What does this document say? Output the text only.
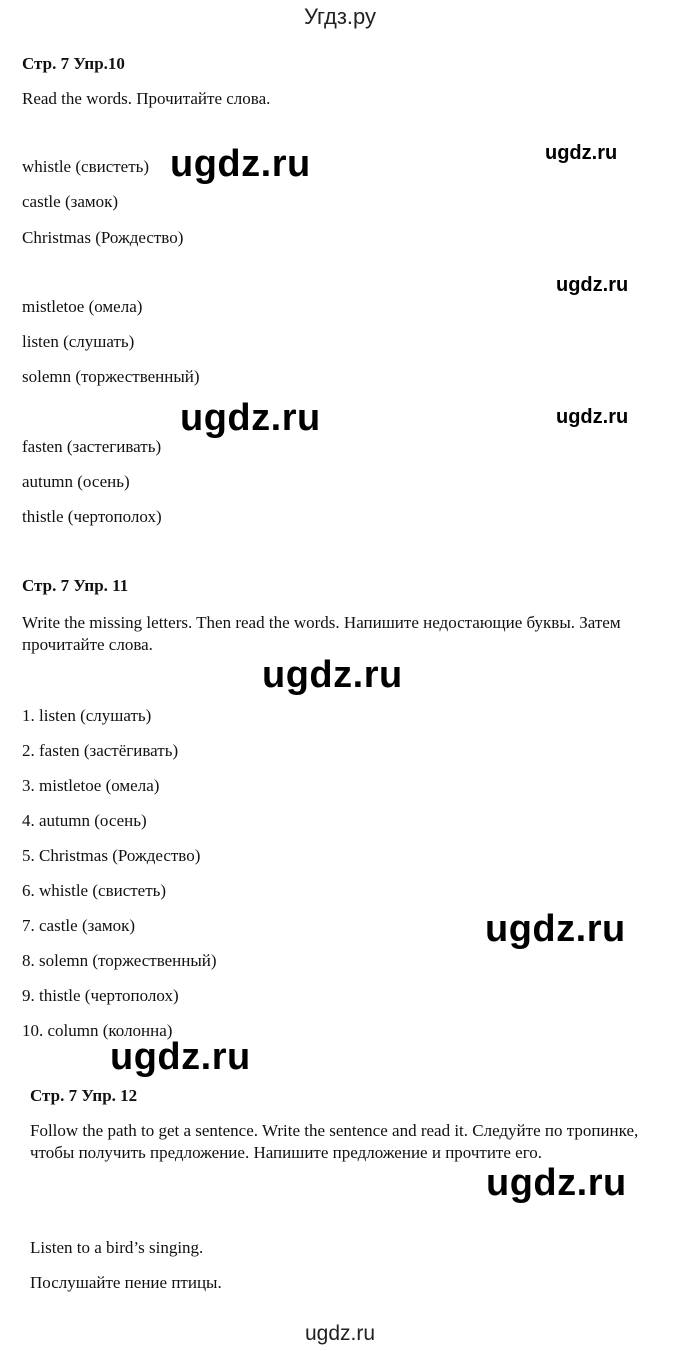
Угдз.ру
Стр. 7 Упр.10
Read the words. Прочитайте слова.
whistle (свистеть)
castle (замок)
Christmas (Рождество)
mistletoe (омела)
listen (слушать)
solemn (торжественный)
fasten (застегивать)
autumn (осень)
thistle (чертополох)
Стр. 7 Упр. 11
Write the missing letters. Then read the words. Напишите недостающие буквы. Затем прочитайте слова.
1. listen (слушать)
2. fasten (застёгивать)
3. mistletoe (омела)
4. autumn (осень)
5. Christmas (Рождество)
6. whistle (свистеть)
7. castle (замок)
8. solemn (торжественный)
9. thistle (чертополох)
10. column (колонна)
Стр. 7 Упр. 12
Follow the path to get a sentence. Write the sentence and read it. Следуйте по тропинке, чтобы получить предложение. Напишите предложение и прочтите его.
Listen to a bird’s singing.
Послушайте пение птицы.
ugdz.ru	ugdz.ru
ugdz.ru
ugdz.ru	ugdz.ru
ugdz.ru
ugdz.ru
ugdz.ru
ugdz.ru
ugdz.ru
